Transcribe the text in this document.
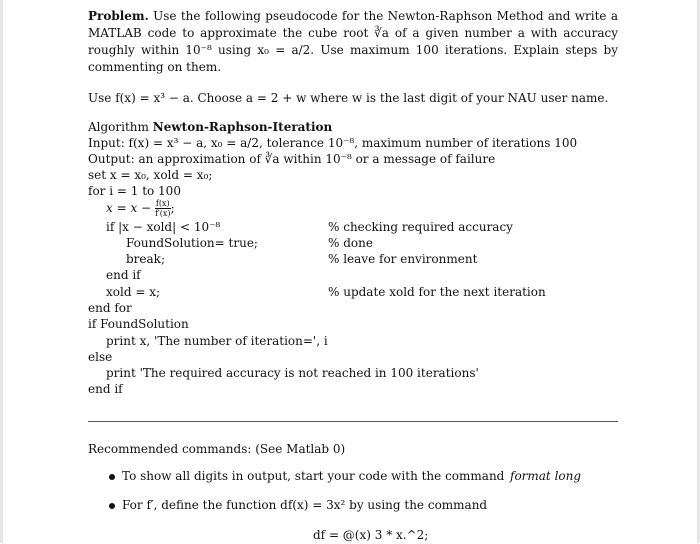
Problem. Use the following pseudocode for the Newton-Raphson Method and write a MATLAB code to approximate the cube root ∛a of a given number a with accuracy roughly within 10⁻⁸ using x₀ = a/2. Use maximum 100 iterations. Explain steps by commenting on them.
Use f(x) = x³ − a. Choose a = 2 + w where w is the last digit of your NAU user name.
Algorithm Newton-Raphson-Iteration
Input: f(x) = x³ − a, x₀ = a/2, tolerance 10⁻⁸, maximum number of iterations 100
Output: an approximation of ∛a within 10⁻⁸ or a message of failure
set x = x₀, xold = x₀;
for i = 1 to 100
$x = x - \frac{f(x)}{f'(x)}$ ;
if |x − xold| < 10⁻⁸
FoundSolution= true;
break;
end if
xold = x;
end for
if FoundSolution
print x, 'The number of iteration=', i
else
print 'The required accuracy is not reached in 100 iterations'
end if
% checking required accuracy
% done
% leave for environment
% update xold for the next iteration
Recommended commands: (See Matlab 0)
To show all digits in output, start your code with the command format long
For f′, define the function df(x) = 3x² by using the command
df = @(x) 3 * x.^2;
